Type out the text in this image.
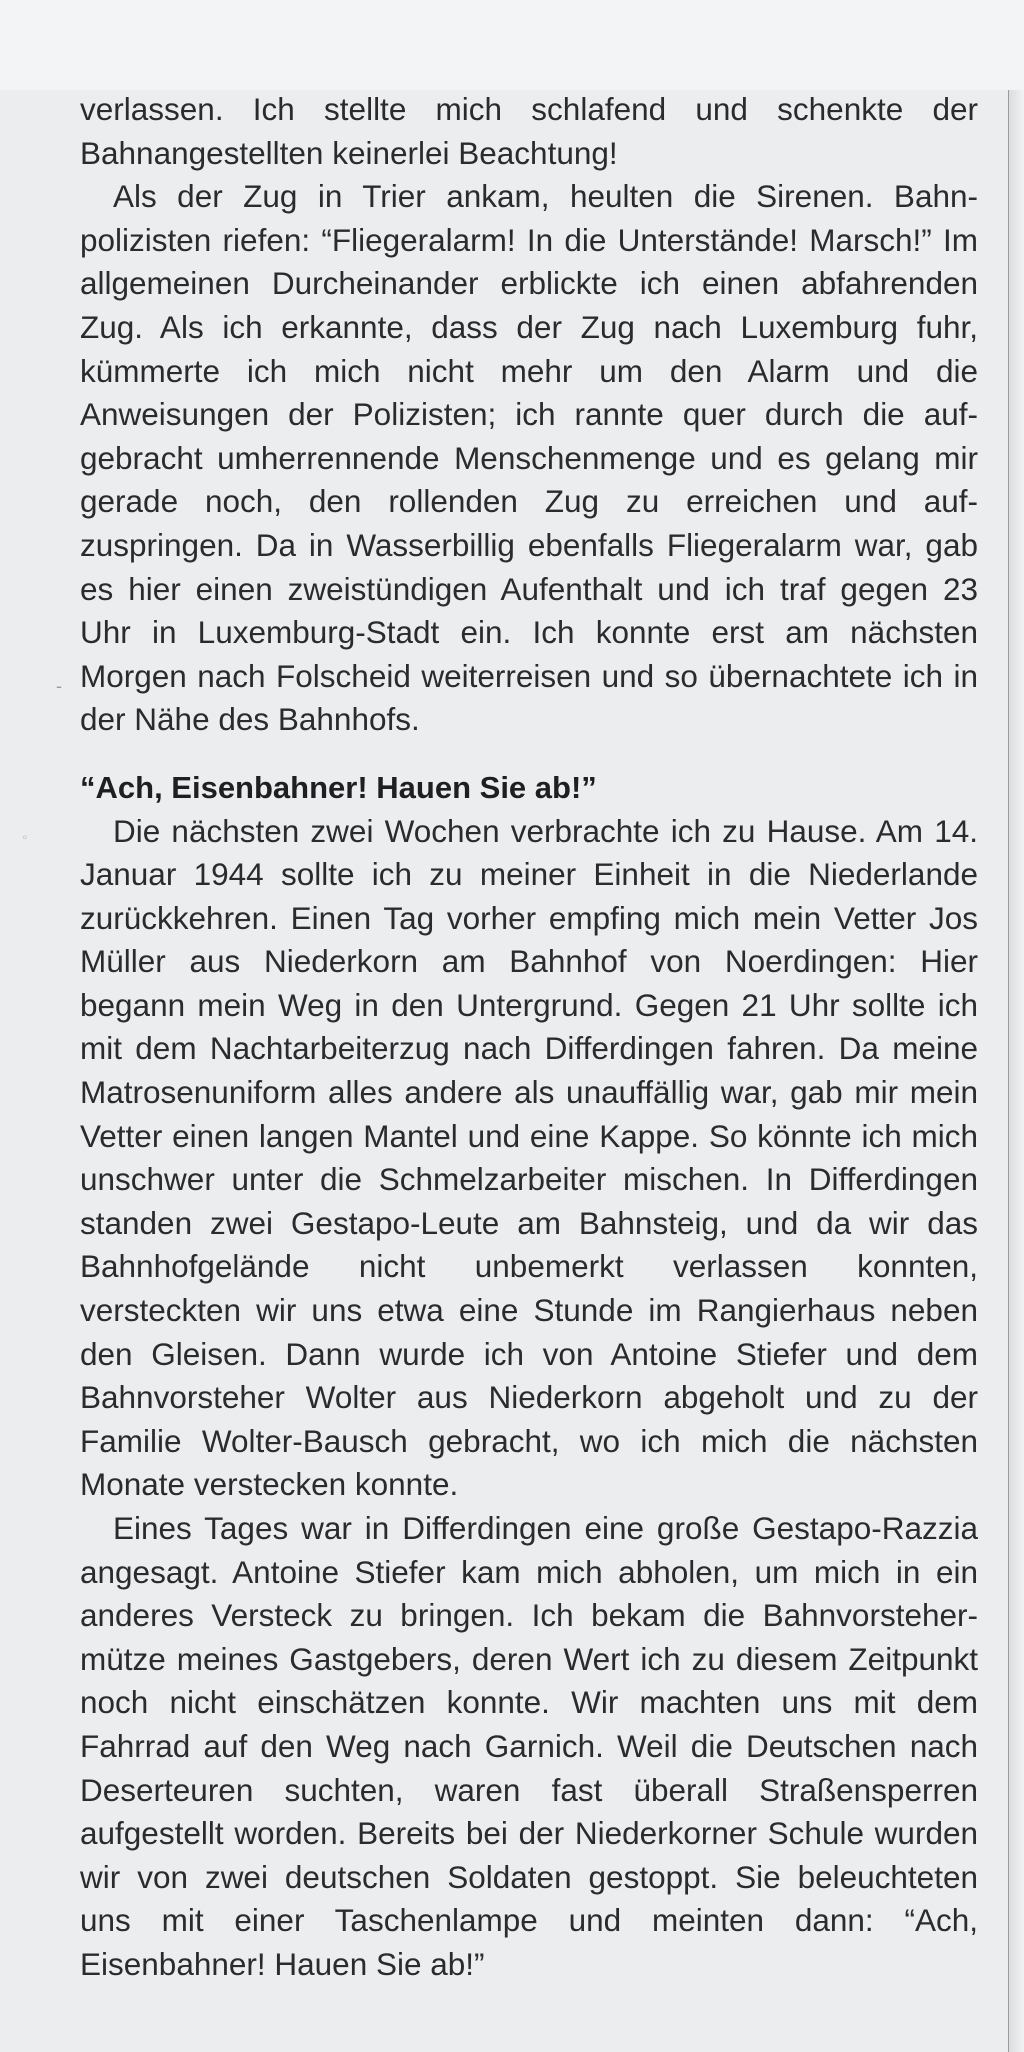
-
°

verlassen. Ich stellte mich schlafend und schenkte der Bahnangestellten keinerlei Beachtung!

Als der Zug in Trier ankam, heulten die Sirenen. Bahnpolizisten riefen: “Fliegeralarm! In die Unterstände! Marsch!” Im allgemeinen Durcheinander erblickte ich einen abfahrenden Zug. Als ich erkannte, dass der Zug nach Luxemburg fuhr, kümmerte ich mich nicht mehr um den Alarm und die Anweisungen der Polizisten; ich rannte quer durch die aufgebracht umherrennende Menschenmenge und es gelang mir gerade noch, den rollenden Zug zu erreichen und aufzuspringen. Da in Wasserbillig ebenfalls Fliegeralarm war, gab es hier einen zweistündigen Aufenthalt und ich traf gegen 23 Uhr in Luxemburg-Stadt ein. Ich konnte erst am nächsten Morgen nach Folscheid weiterreisen und so übernachtete ich in der Nähe des Bahnhofs.

“Ach, Eisenbahner! Hauen Sie ab!”

Die nächsten zwei Wochen verbrachte ich zu Hause. Am 14. Januar 1944 sollte ich zu meiner Einheit in die Niederlande zurückkehren. Einen Tag vorher empfing mich mein Vetter Jos Müller aus Niederkorn am Bahnhof von Noerdingen: Hier begann mein Weg in den Untergrund. Gegen 21 Uhr sollte ich mit dem Nachtarbeiterzug nach Differdingen fahren. Da meine Matrosenuniform alles andere als unauffällig war, gab mir mein Vetter einen langen Mantel und eine Kappe. So könnte ich mich unschwer unter die Schmelzarbeiter mischen. In Differdingen standen zwei Gestapo-Leute am Bahnsteig, und da wir das Bahnhofgelände nicht unbemerkt verlassen konnten, versteckten wir uns etwa eine Stunde im Rangierhaus neben den Gleisen. Dann wurde ich von Antoine Stiefer und dem Bahnvorsteher Wolter aus Niederkorn abgeholt und zu der Familie Wolter-Bausch gebracht, wo ich mich die nächsten Monate verstecken konnte.

Eines Tages war in Differdingen eine große Gestapo-Razzia angesagt. Antoine Stiefer kam mich abholen, um mich in ein anderes Versteck zu bringen. Ich bekam die Bahnvorstehermütze meines Gastgebers, deren Wert ich zu diesem Zeitpunkt noch nicht einschätzen konnte. Wir machten uns mit dem Fahrrad auf den Weg nach Garnich. Weil die Deutschen nach Deserteuren suchten, waren fast überall Straßensperren aufgestellt worden. Bereits bei der Niederkorner Schule wurden wir von zwei deutschen Soldaten gestoppt. Sie beleuchteten uns mit einer Taschenlampe und meinten dann: “Ach, Eisenbahner! Hauen Sie ab!”
